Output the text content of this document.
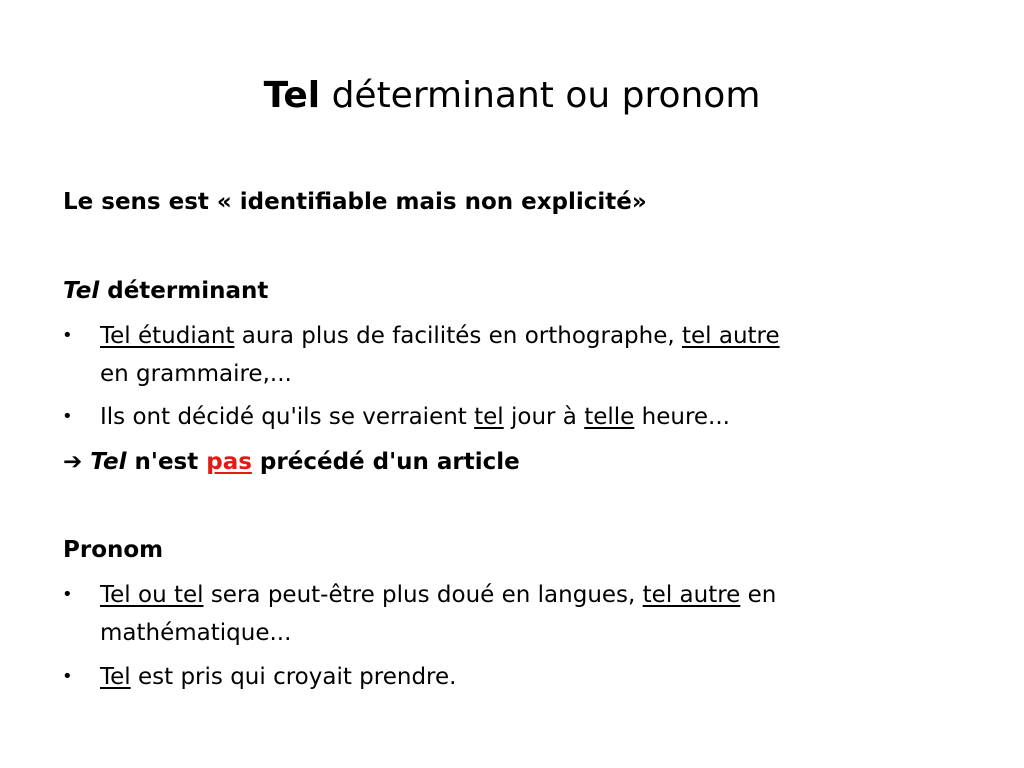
Tel déterminant ou pronom
Le sens est « identifiable mais non explicité»
Tel déterminant
• Tel étudiant aura plus de facilités en orthographe, tel autre
en grammaire,...
• Ils ont décidé qu'ils se verraient tel jour à telle heure...
➔ Tel n'est pas précédé d'un article
Pronom
• Tel ou tel sera peut-être plus doué en langues, tel autre en
mathématique...
• Tel est pris qui croyait prendre.
